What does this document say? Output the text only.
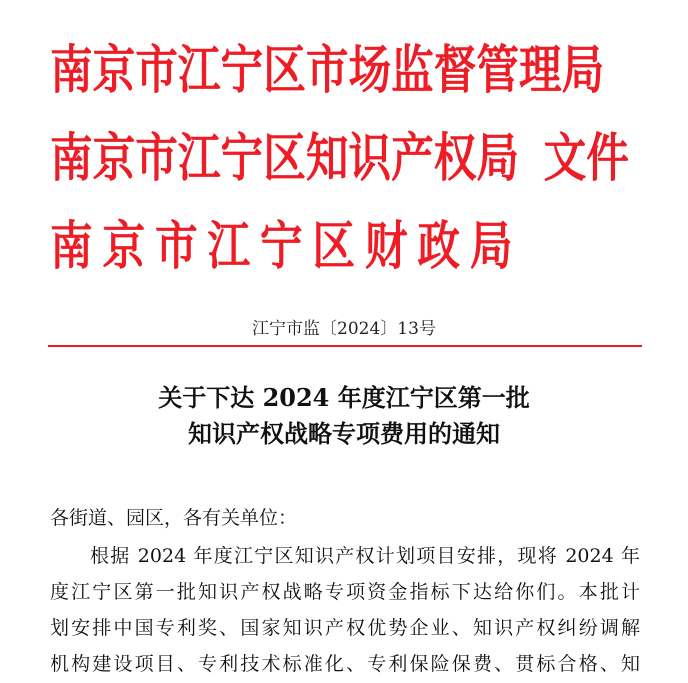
南京市江宁区市场监督管理局
南京市江宁区知识产权局 文件
南京市江宁区财政局

江宁市监〔2024〕13号

关于下达 2024 年度江宁区第一批
知识产权战略专项费用的通知

各街道、园区，各有关单位：

根据 2024 年度江宁区知识产权计划项目安排，现将 2024 年
度江宁区第一批知识产权战略专项资金指标下达给你们。本批计
划安排中国专利奖、国家知识产权优势企业、知识产权纠纷调解
机构建设项目、专利技术标准化、专利保险保费、贯标合格、知
